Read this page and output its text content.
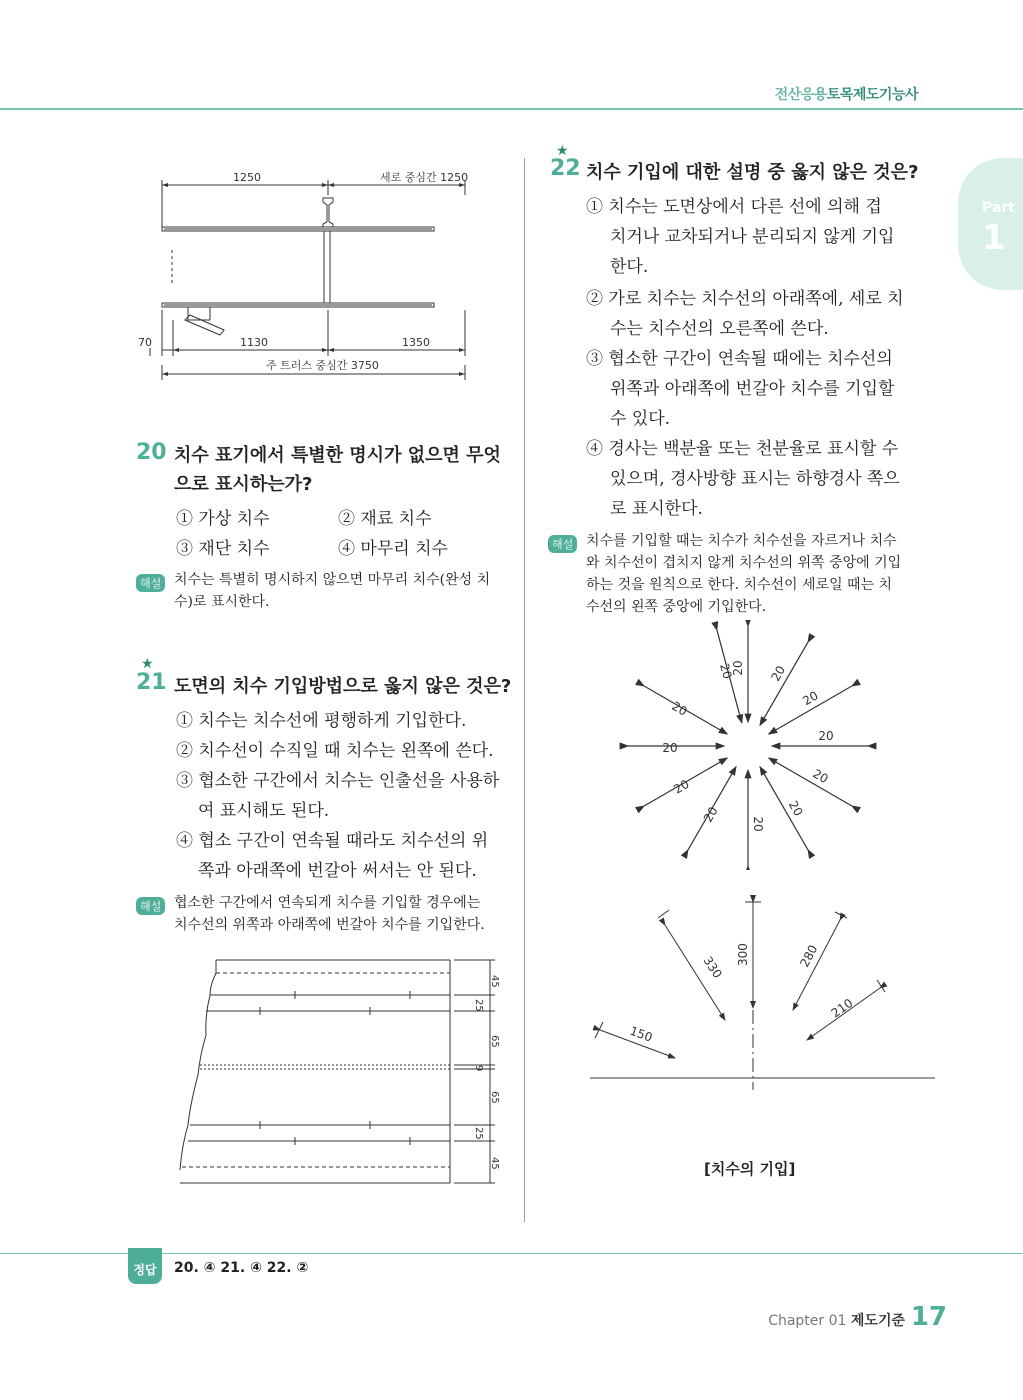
전산응용토목제도기능사
Part
1
1250	세로 중심간 1250
70	1130	1350
주 트러스 중심간 3750
20 치수 표기에서 특별한 명시가 없으면 무엇
으로 표시하는가?
① 가상 치수	② 재료 치수
③ 재단 치수	④ 마무리 치수
해설 치수는 특별히 명시하지 않으면 마무리 치수(완성 치
수)로 표시한다.
★
21 도면의 치수 기입방법으로 옳지 않은 것은?
① 치수는 치수선에 평행하게 기입한다.
② 치수선이 수직일 때 치수는 왼쪽에 쓴다.
③ 협소한 구간에서 치수는 인출선을 사용하
여 표시해도 된다.
④ 협소 구간이 연속될 때라도 치수선의 위
쪽과 아래쪽에 번갈아 써서는 안 된다.
해설 협소한 구간에서 연속되게 치수를 기입할 경우에는
치수선의 위쪽과 아래쪽에 번갈아 치수를 기입한다.
45
25
65
9
65
25
45
★
22 치수 기입에 대한 설명 중 옳지 않은 것은?
① 치수는 도면상에서 다른 선에 의해 겹
치거나 교차되거나 분리되지 않게 기입
한다.
② 가로 치수는 치수선의 아래쪽에, 세로 치
수는 치수선의 오른쪽에 쓴다.
③ 협소한 구간이 연속될 때에는 치수선의
위쪽과 아래쪽에 번갈아 치수를 기입할
수 있다.
④ 경사는 백분율 또는 천분율로 표시할 수
있으며, 경사방향 표시는 하향경사 쪽으
로 표시한다.
해설 치수를 기입할 때는 치수가 치수선을 자르거나 치수
와 치수선이 겹치지 않게 치수선의 위쪽 중앙에 기입
하는 것을 원칙으로 한다. 치수선이 세로일 때는 치
수선의 왼쪽 중앙에 기입한다.
20
20	20
20
20
20
20
20
20
20	20
20
330 300	280
210
150
[치수의 기입]
정답	20. ④ 21. ④ 22. ②
Chapter 01 제도기준 17
